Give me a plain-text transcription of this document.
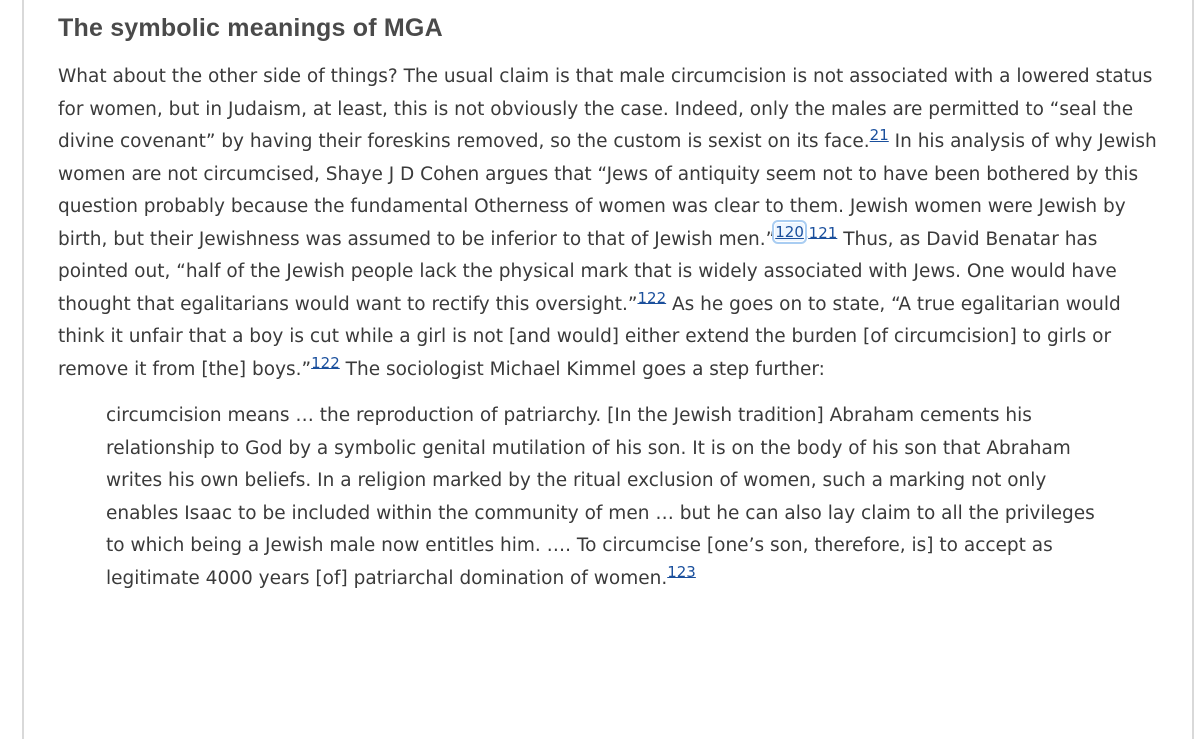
The symbolic meanings of MGA

What about the other side of things? The usual claim is that male circumcision is not associated with a lowered status for women, but in Judaism, at least, this is not obviously the case. Indeed, only the males are permitted to “seal the divine covenant” by having their foreskins removed, so the custom is sexist on its face.$^{21}$ In his analysis of why Jewish women are not circumcised, Shaye J D Cohen argues that “Jews of antiquity seem not to have been bothered by this question probably because the fundamental Otherness of women was clear to them. Jewish women were Jewish by birth, but their Jewishness was assumed to be inferior to that of Jewish men.”$^{120,121}$ Thus, as David Benatar has pointed out, “half of the Jewish people lack the physical mark that is widely associated with Jews. One would have thought that egalitarians would want to rectify this oversight.”$^{122}$ As he goes on to state, “A true egalitarian would think it unfair that a boy is cut while a girl is not [and would] either extend the burden [of circumcision] to girls or remove it from [the] boys.”$^{122}$ The sociologist Michael Kimmel goes a step further:

circumcision means … the reproduction of patriarchy. [In the Jewish tradition] Abraham cements his relationship to God by a symbolic genital mutilation of his son. It is on the body of his son that Abraham writes his own beliefs. In a religion marked by the ritual exclusion of women, such a marking not only enables Isaac to be included within the community of men … but he can also lay claim to all the privileges to which being a Jewish male now entitles him. …. To circumcise [one’s son, therefore, is] to accept as legitimate 4000 years [of] patriarchal domination of women.$^{123}$
